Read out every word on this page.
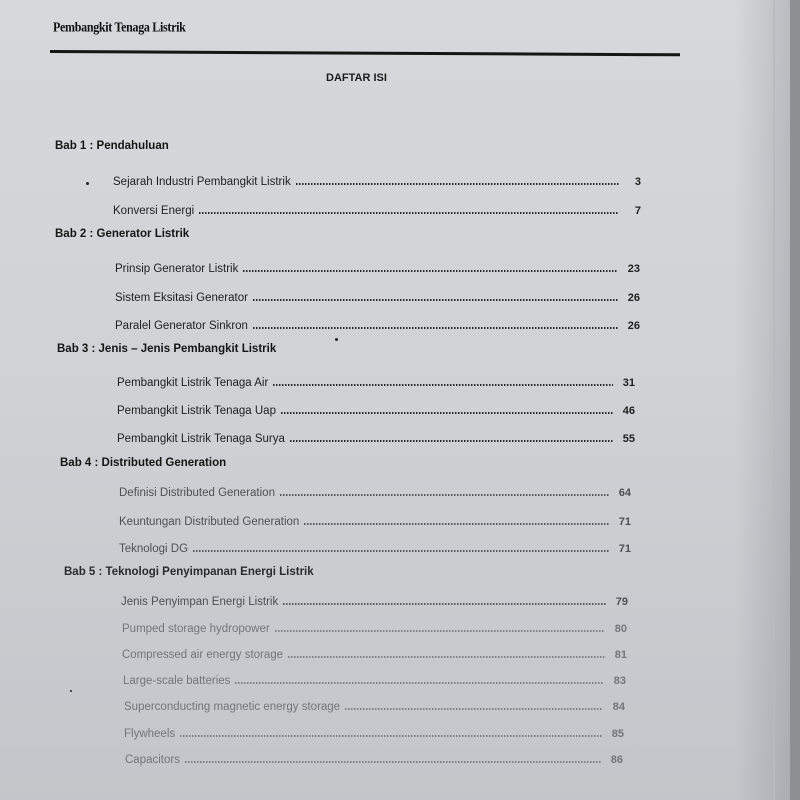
Pembangkit Tenaga Listrik
DAFTAR ISI
Bab 1 : Pendahuluan
Sejarah Industri Pembangkit Listrik	3
Konversi Energi	7
Bab 2 : Generator Listrik
Prinsip Generator Listrik	23
Sistem Eksitasi Generator	26
Paralel Generator Sinkron	26
Bab 3 : Jenis – Jenis Pembangkit Listrik
Pembangkit Listrik Tenaga Air	31
Pembangkit Listrik Tenaga Uap	46
Pembangkit Listrik Tenaga Surya	55
Bab 4 : Distributed Generation
Definisi Distributed Generation	64
Keuntungan Distributed Generation	71
Teknologi DG	71
Bab 5 : Teknologi Penyimpanan Energi Listrik
Jenis Penyimpan Energi Listrik	79
Pumped storage hydropower	80
Compressed air energy storage	81
Large-scale batteries	83
Superconducting magnetic energy storage	84
Flywheels	85
Capacitors	86
